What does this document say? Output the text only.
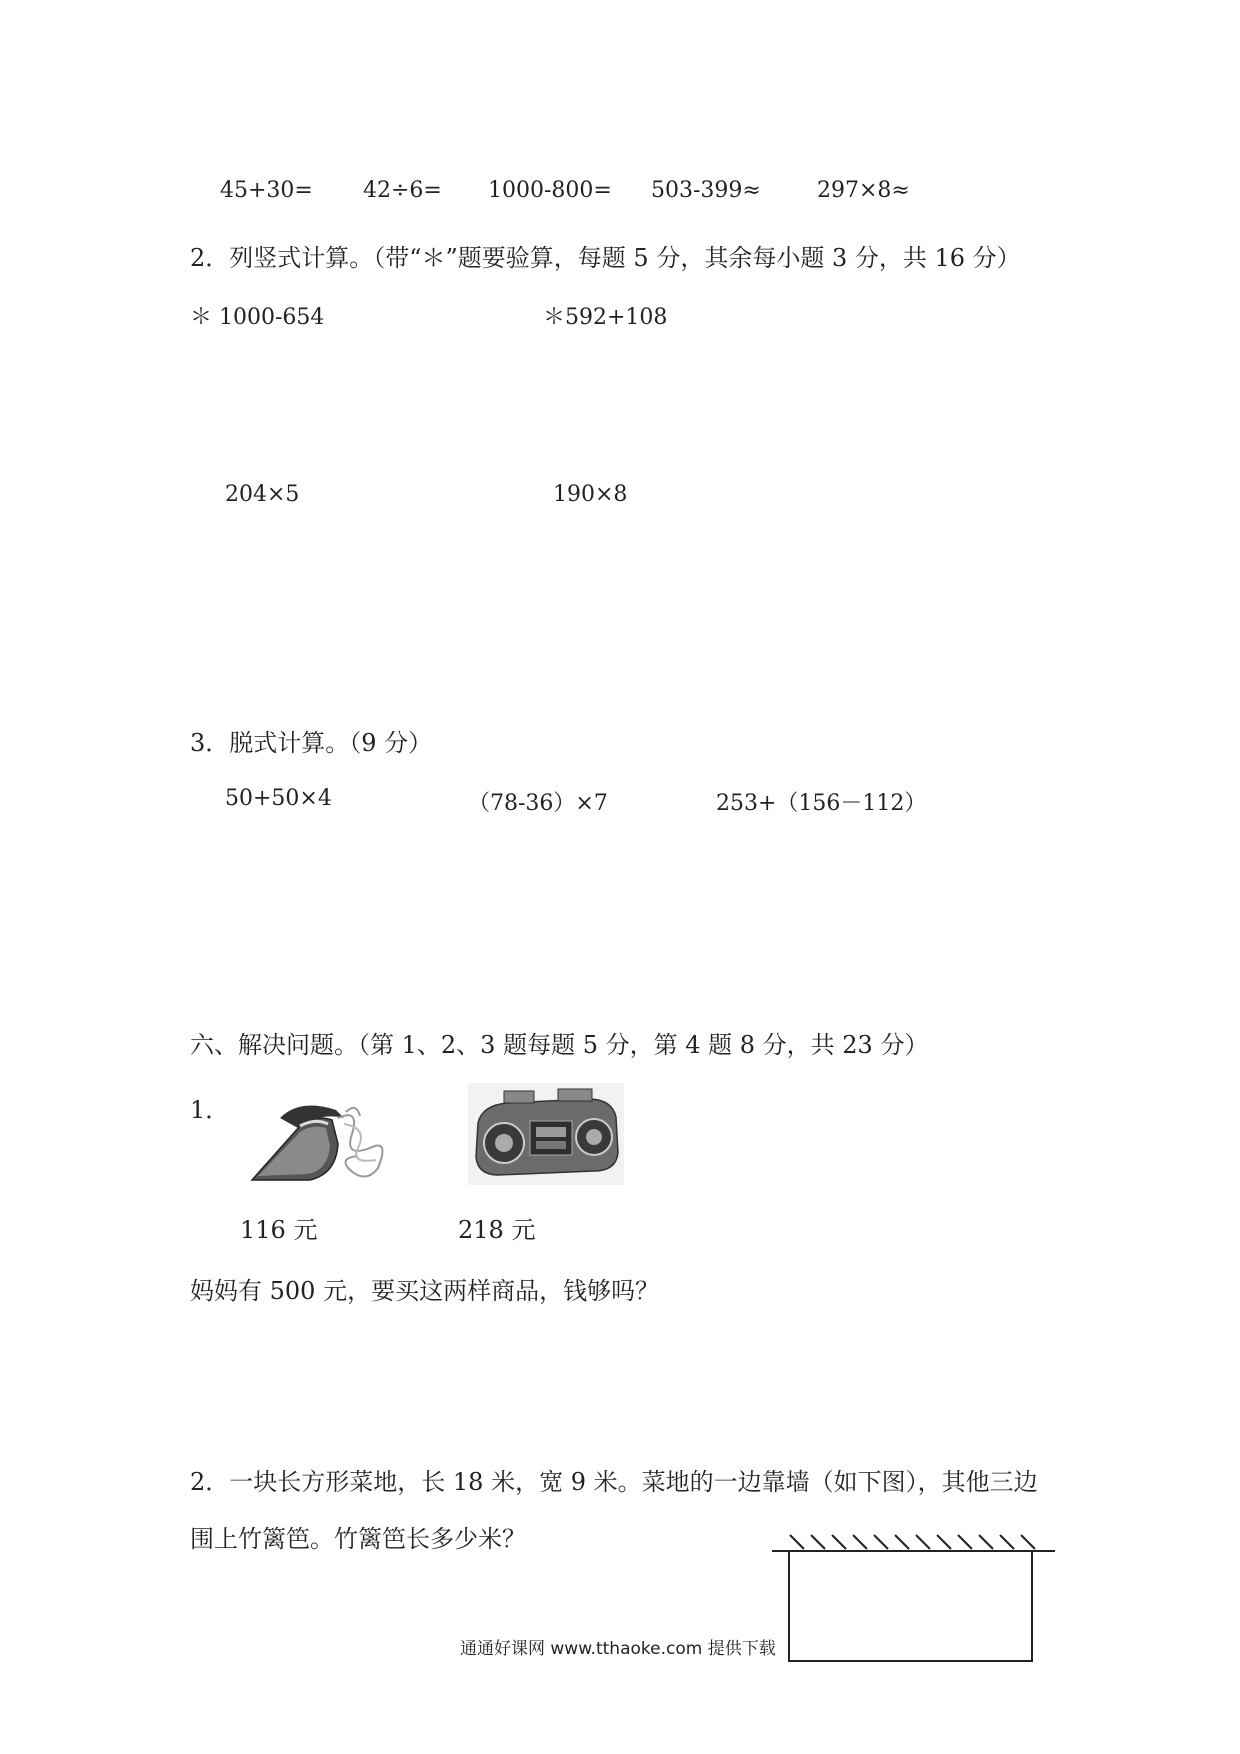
45+30= 42÷6= 1000-800= 503-399≈	297×8≈
2．列竖式计算。（带“＊”题要验算，每题 5 分，其余每小题 3 分，共 16 分）
＊ 1000-654	＊592+108
204×5	190×8
3．脱式计算。（9 分）
50+50×4	（78-36）×7	253+（156－112）
六、解决问题。（第 1、2、3 题每题 5 分，第 4 题 8 分，共 23 分）
1．
116 元	218 元
妈妈有 500 元，要买这两样商品，钱够吗？
2．一块长方形菜地，长 18 米，宽 9 米。菜地的一边靠墙（如下图），其他三边
围上竹篱笆。竹篱笆长多少米？
通通好课网 www.tthaoke.com 提供下载
